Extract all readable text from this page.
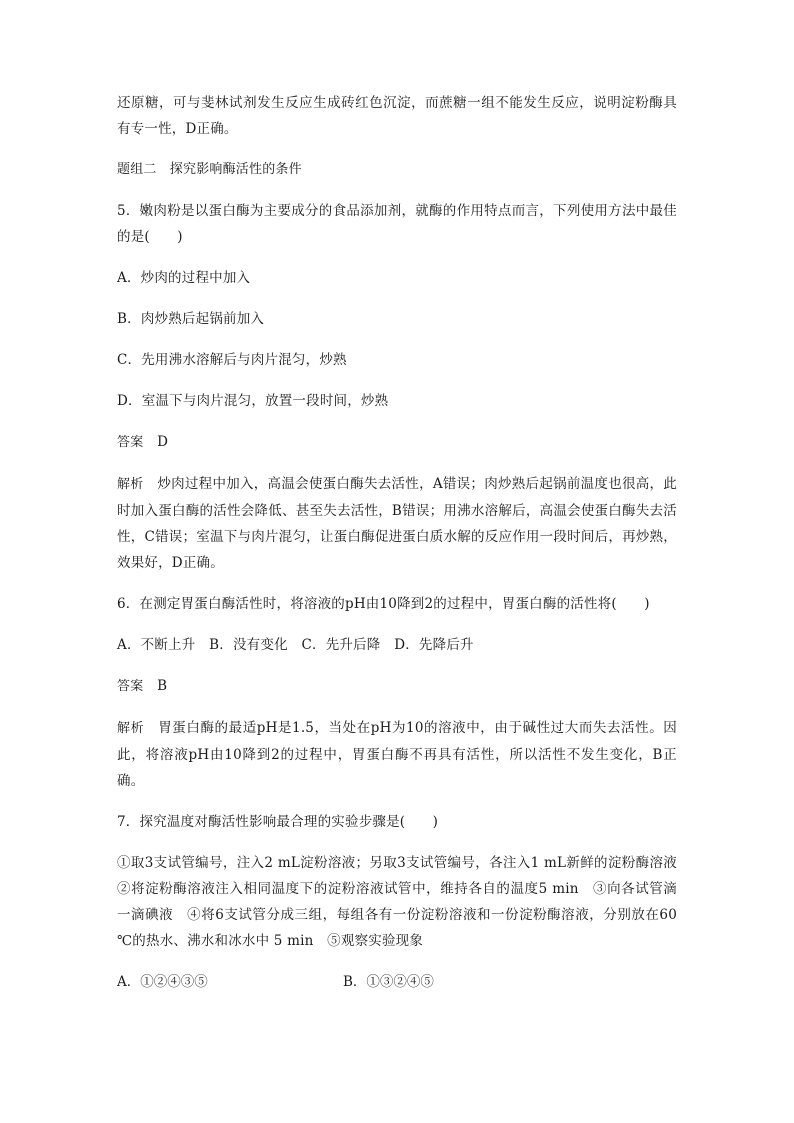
还原糖，可与斐林试剂发生反应生成砖红色沉淀，而蔗糖一组不能发生反应，说明淀粉酶具有专一性，D正确。

题组二　探究影响酶活性的条件

5．嫩肉粉是以蛋白酶为主要成分的食品添加剂，就酶的作用特点而言，下列使用方法中最佳的是(　　)

A．炒肉的过程中加入

B．肉炒熟后起锅前加入

C．先用沸水溶解后与肉片混匀，炒熟

D．室温下与肉片混匀，放置一段时间，炒熟

答案　 D

解析　 炒肉过程中加入，高温会使蛋白酶失去活性，A错误；肉炒熟后起锅前温度也很高，此时加入蛋白酶的活性会降低、甚至失去活性，B错误；用沸水溶解后，高温会使蛋白酶失去活性，C错误；室温下与肉片混匀，让蛋白酶促进蛋白质水解的反应作用一段时间后，再炒熟，效果好，D正确。

6．在测定胃蛋白酶活性时，将溶液的pH由10降到2的过程中，胃蛋白酶的活性将(　　)

A．不断上升　B．没有变化　C．先升后降　D．先降后升

答案　 B

解析　 胃蛋白酶的最适pH是1.5，当处在pH为10的溶液中，由于碱性过大而失去活性。因此，将溶液pH由10降到2的过程中，胃蛋白酶不再具有活性，所以活性不发生变化，B正确。

7．探究温度对酶活性影响最合理的实验步骤是(　　)

①取3支试管编号，注入2 mL淀粉溶液；另取3支试管编号，各注入1 mL新鲜的淀粉酶溶液　②将淀粉酶溶液注入相同温度下的淀粉溶液试管中，维持各自的温度5 min　③向各试管滴一滴碘液　④将6支试管分成三组，每组各有一份淀粉溶液和一份淀粉酶溶液，分别放在60 ℃的热水、沸水和冰水中 5 min　⑤观察实验现象

A．①②④③⑤	B．①③②④⑤
